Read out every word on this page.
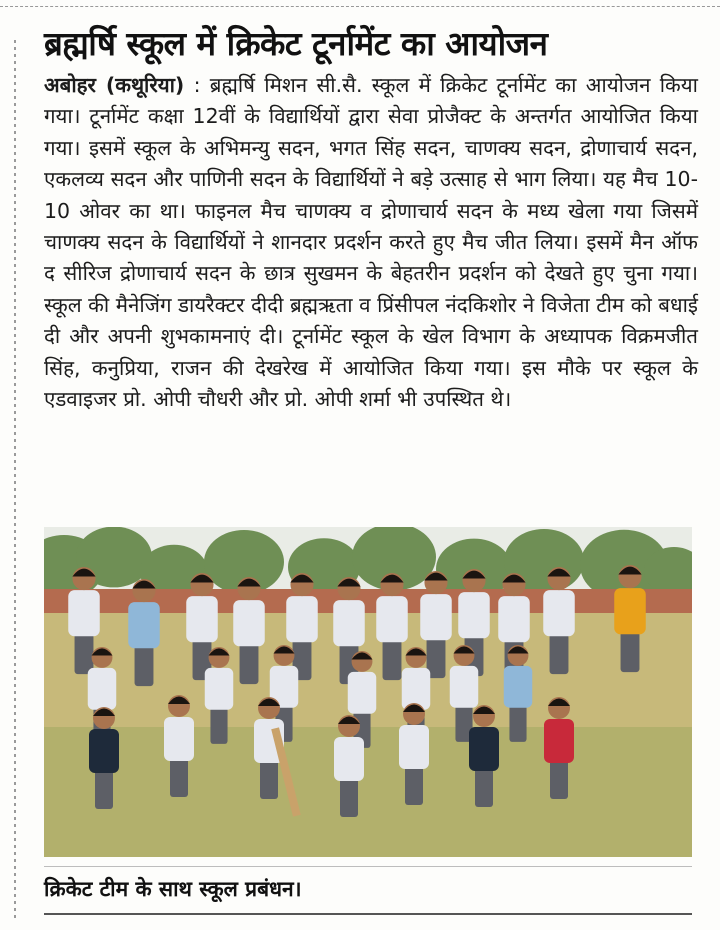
ब्रह्मर्षि स्कूल में क्रिकेट टूर्नामेंट का आयोजन
अबोहर (कथूरिया) : ब्रह्मर्षि मिशन सी.सै. स्कूल में क्रिकेट टूर्नामेंट का आयोजन किया गया। टूर्नामेंट कक्षा 12वीं के विद्यार्थियों द्वारा सेवा प्रोजैक्ट के अन्तर्गत आयोजित किया गया। इसमें स्कूल के अभिमन्यु सदन, भगत सिंह सदन, चाणक्य सदन, द्रोणाचार्य सदन, एकलव्य सदन और पाणिनी सदन के विद्यार्थियों ने बड़े उत्साह से भाग लिया। यह मैच 10-10 ओवर का था। फाइनल मैच चाणक्य व द्रोणाचार्य सदन के मध्य खेला गया जिसमें चाणक्य सदन के विद्यार्थियों ने शानदार प्रदर्शन करते हुए मैच जीत लिया। इसमें मैन ऑफ द सीरिज द्रोणाचार्य सदन के छात्र सुखमन के बेहतरीन प्रदर्शन को देखते हुए चुना गया। स्कूल की मैनेजिंग डायरैक्टर दीदी ब्रह्मऋता व प्रिंसीपल नंदकिशोर ने विजेता टीम को बधाई दी और अपनी शुभकामनाएं दी। टूर्नामेंट स्कूल के खेल विभाग के अध्यापक विक्रमजीत सिंह, कनुप्रिया, राजन की देखरेख में आयोजित किया गया। इस मौके पर स्कूल के एडवाइजर प्रो. ओपी चौधरी और प्रो. ओपी शर्मा भी उपस्थित थे।
क्रिकेट टीम के साथ स्कूल प्रबंधन।
